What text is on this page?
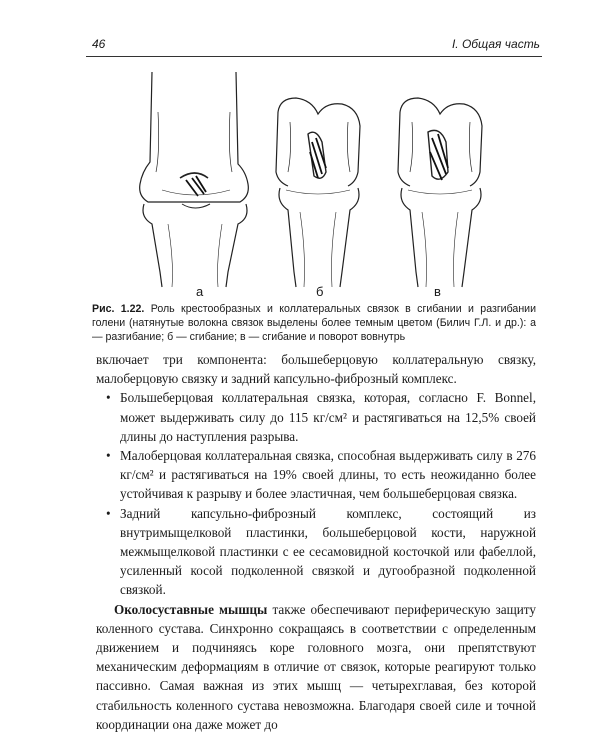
46	I. Общая часть
а	б	в
Рис. 1.22. Роль крестообразных и коллатеральных связок в сгибании и разгибании голени (натянутые волокна связок выделены более темным цветом (Билич Г.Л. и др.): а — разгибание; б — сгибание; в — сгибание и поворот вовнутрь

включает три компонента: большеберцовую коллатеральную связку, малоберцовую связку и задний капсульно-фиброзный комплекс.

• Большеберцовая коллатеральная связка, которая, согласно F. Bonnel, может выдерживать силу до 115 кг/см² и растягиваться на 12,5% своей длины до наступления разрыва.
• Малоберцовая коллатеральная связка, способная выдерживать силу в 276 кг/см² и растягиваться на 19% своей длины, то есть неожиданно более устойчивая к разрыву и более эластичная, чем большеберцовая связка.
• Задний капсульно-фиброзный комплекс, состоящий из внутримыщелковой пластинки, большеберцовой кости, наружной межмыщелковой пластинки с ее сесамовидной косточкой или фабеллой, усиленный косой подколенной связкой и дугообразной подколенной связкой.

Околосуставные мышцы также обеспечивают периферическую защиту коленного сустава. Синхронно сокращаясь в соответствии с определенным движением и подчиняясь коре головного мозга, они препятствуют механическим деформациям в отличие от связок, которые реагируют только пассивно. Самая важная из этих мышц — четырехглавая, без которой стабильность коленного сустава невозможна. Благодаря своей силе и точной координации она даже может до
